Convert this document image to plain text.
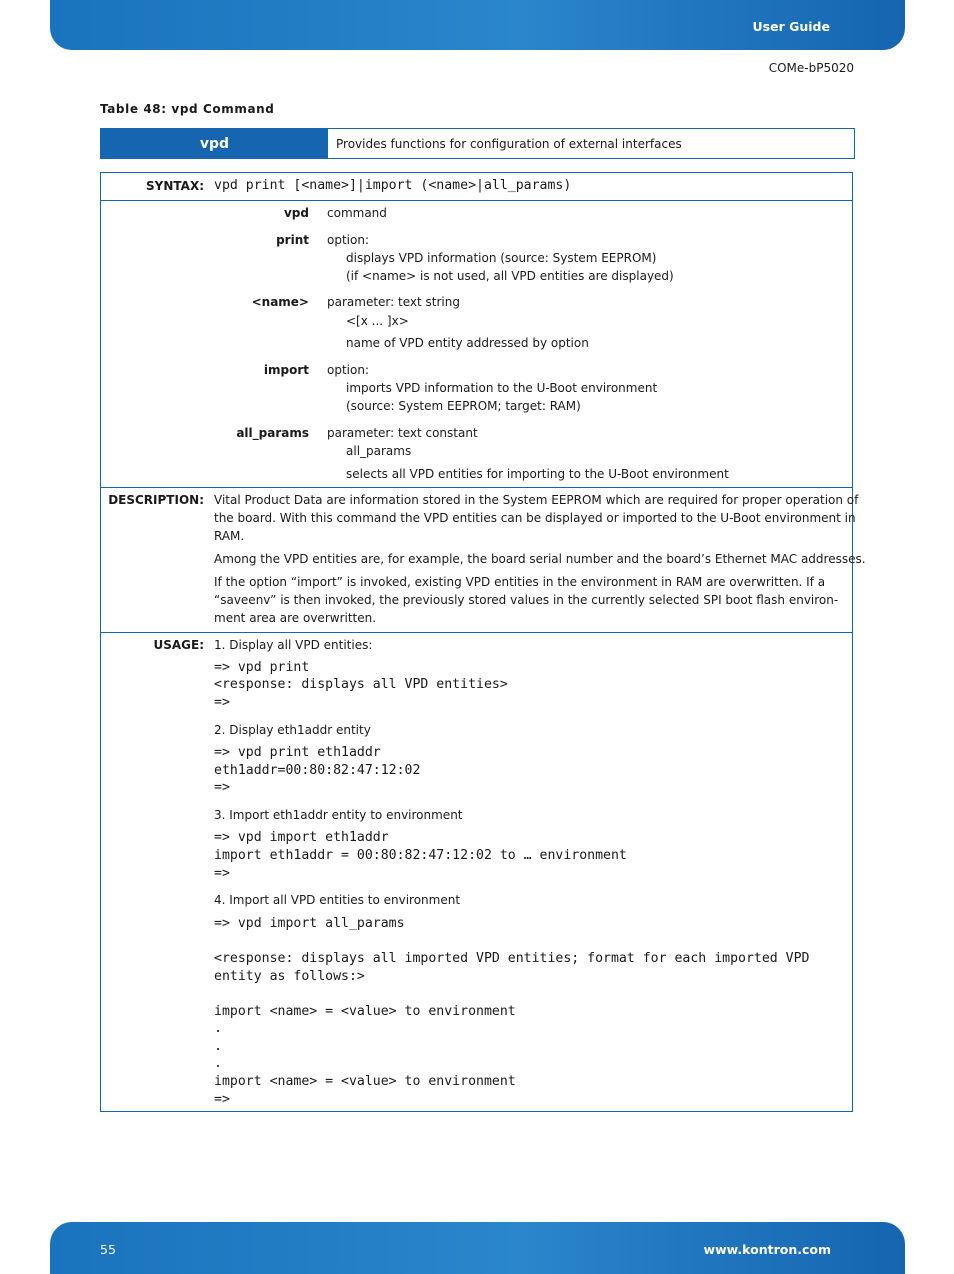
User Guide
COMe-bP5020
Table 48: vpd Command
vpd	Provides functions for configuration of external interfaces
SYNTAX: vpd print [<name>]|import (<name>|all_params)
vpd command
print option:
displays VPD information (source: System EEPROM)
(if <name> is not used, all VPD entities are displayed)
<name> parameter: text string
<[x ... ]x>
name of VPD entity addressed by option
import option:
imports VPD information to the U-Boot environment
(source: System EEPROM; target: RAM)
all_params parameter: text constant
all_params
selects all VPD entities for importing to the U-Boot environment
DESCRIPTION: Vital Product Data are information stored in the System EEPROM which are required for proper operation of
the board. With this command the VPD entities can be displayed or imported to the U-Boot environment in
RAM.
Among the VPD entities are, for example, the board serial number and the board’s Ethernet MAC addresses.
If the option “import” is invoked, existing VPD entities in the environment in RAM are overwritten. If a
“saveenv” is then invoked, the previously stored values in the currently selected SPI boot flash environ-
ment area are overwritten.
USAGE: 1. Display all VPD entities:
=> vpd print
<response: displays all VPD entities>
=>
2. Display eth1addr entity
=> vpd print eth1addr
eth1addr=00:80:82:47:12:02
=>
3. Import eth1addr entity to environment
=> vpd import eth1addr
import eth1addr = 00:80:82:47:12:02 to … environment
=>
4. Import all VPD entities to environment
=> vpd import all_params
<response: displays all imported VPD entities; format for each imported VPD
entity as follows:>
import <name> = <value> to environment
.
.
.
import <name> = <value> to environment
=>
55	www.kontron.com
